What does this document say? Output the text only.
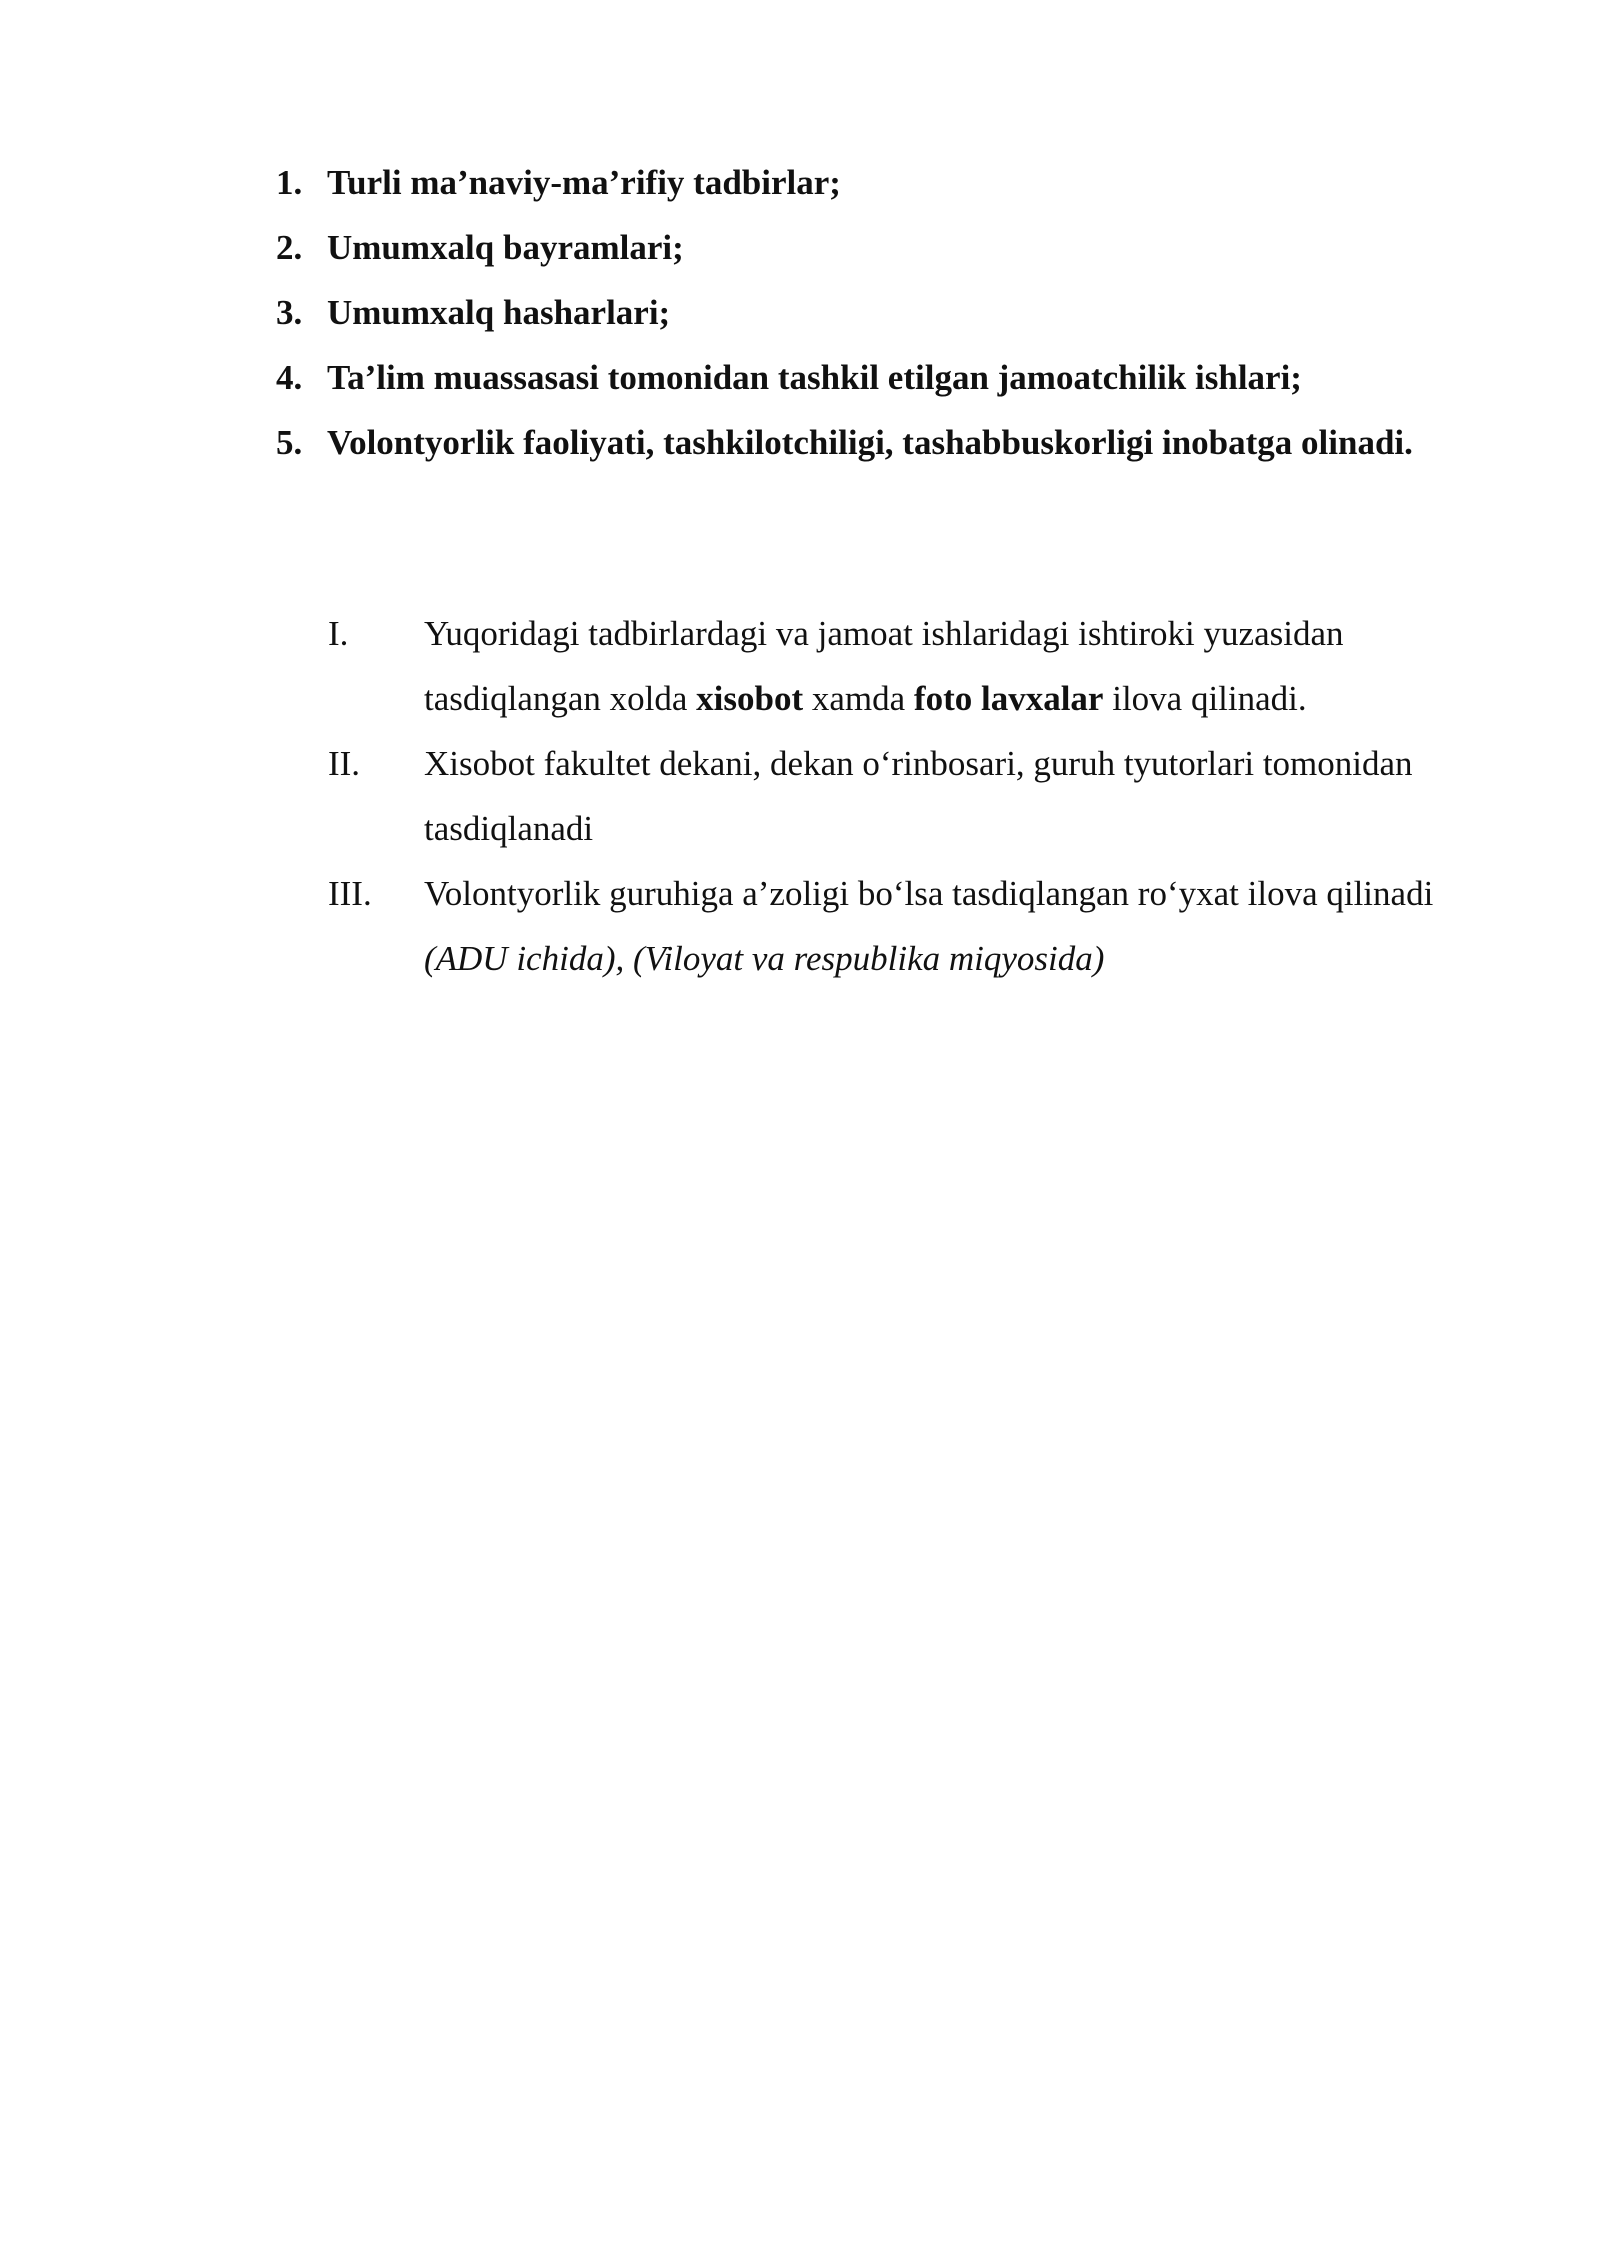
1. Turli ma’naviy-ma’rifiy tadbirlar;
2. Umumxalq bayramlari;
3. Umumxalq hasharlari;
4. Ta’lim muassasasi tomonidan tashkil etilgan jamoatchilik ishlari;
5. Volontyorlik faoliyati, tashkilotchiligi, tashabbuskorligi inobatga olinadi.
I. Yuqoridagi tadbirlardagi va jamoat ishlaridagi ishtiroki yuzasidan tasdiqlangan xolda xisobot xamda foto lavxalar ilova qilinadi.
II. Xisobot fakultet dekani, dekan o‘rinbosari, guruh tyutorlari tomonidan tasdiqlanadi
III. Volontyorlik guruhiga a’zoligi bo‘lsa tasdiqlangan ro‘yxat ilova qilinadi (ADU ichida), (Viloyat va respublika miqyosida)
